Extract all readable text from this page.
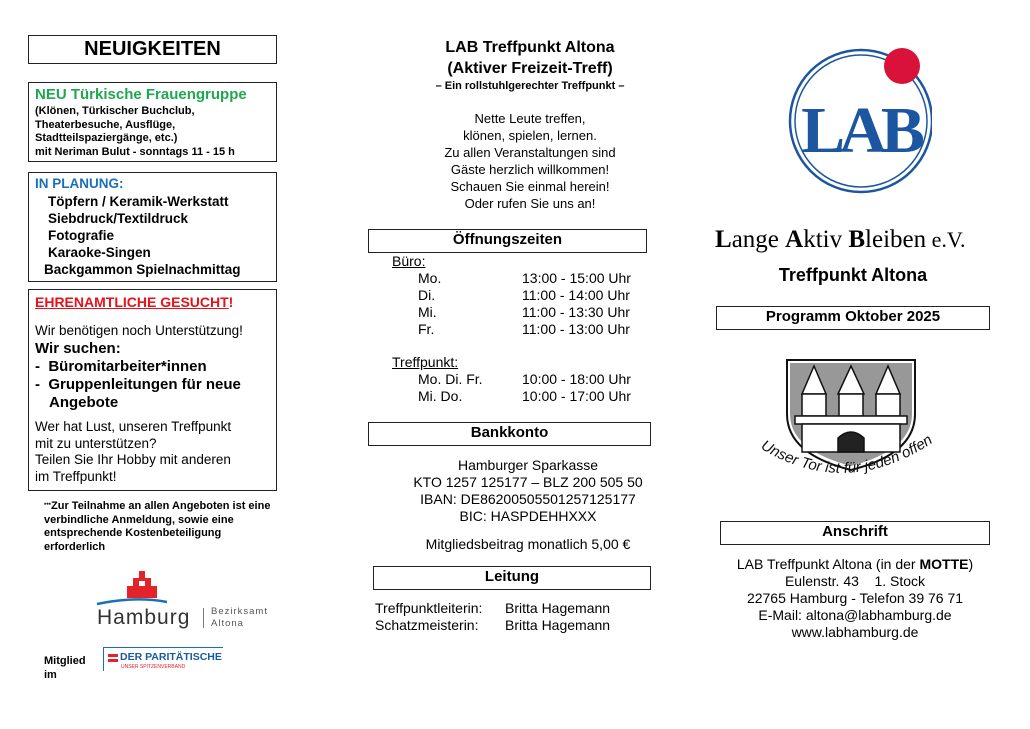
NEUIGKEITEN
NEU Türkische Frauengruppe
(Klönen, Türkischer Buchclub,
Theaterbesuche, Ausflüge,
Stadtteilspaziergänge, etc.)
mit Neriman Bulut - sonntags 11 - 15 h
IN PLANUNG:
Töpfern / Keramik-Werkstatt
Siebdruck/Textildruck
Fotografie
Karaoke-Singen
Backgammon Spielnachmittag
EHRENAMTLICHE GESUCHT!
Wir benötigen noch Unterstützung!
Wir suchen:
-  Büromitarbeiter*innen
-  Gruppenleitungen für neue
Angebote
Wer hat Lust, unseren Treffpunkt
mit zu unterstützen?
Teilen Sie Ihr Hobby mit anderen
im Treffpunkt!
***Zur Teilnahme an allen Angeboten ist eine
verbindliche Anmeldung, sowie eine
entsprechende Kostenbeteiligung
erforderlich
Hamburg Bezirksamt
Altona
Mitglied
im
DER PARITÄTISCHE
UNSER SPITZENVERBAND
LAB Treffpunkt Altona
(Aktiver Freizeit-Treff)
– Ein rollstuhlgerechter Treffpunkt –
Nette Leute treffen,
klönen, spielen, lernen.
Zu allen Veranstaltungen sind
Gäste herzlich willkommen!
Schauen Sie einmal herein!
Oder rufen Sie uns an!
Öffnungszeiten
Büro:
Mo.	13:00 - 15:00 Uhr
Di.	11:00 - 14:00 Uhr
Mi.	11:00 - 13:30 Uhr
Fr.	11:00 - 13:00 Uhr
Treffpunkt:
Mo. Di. Fr.	10:00 - 18:00 Uhr
Mi. Do.	10:00 - 17:00 Uhr
Bankkonto
Hamburger Sparkasse
KTO 1257 125177 – BLZ 200 505 50
IBAN: DE86200505501257125177
BIC: HASPDEHHXXX
Mitgliedsbeitrag monatlich 5,00 €
Leitung
Treffpunktleiterin:	Britta Hagemann
Schatzmeisterin:	Britta Hagemann
LAB
Lange Aktiv Bleiben e.V.
Treffpunkt Altona
Programm Oktober 2025
Unser Tor ist für jeden offen
Anschrift
LAB Treffpunkt Altona (in der MOTTE)
Eulenstr. 43    1. Stock
22765 Hamburg - Telefon 39 76 71
E-Mail: altona@labhamburg.de
www.labhamburg.de
